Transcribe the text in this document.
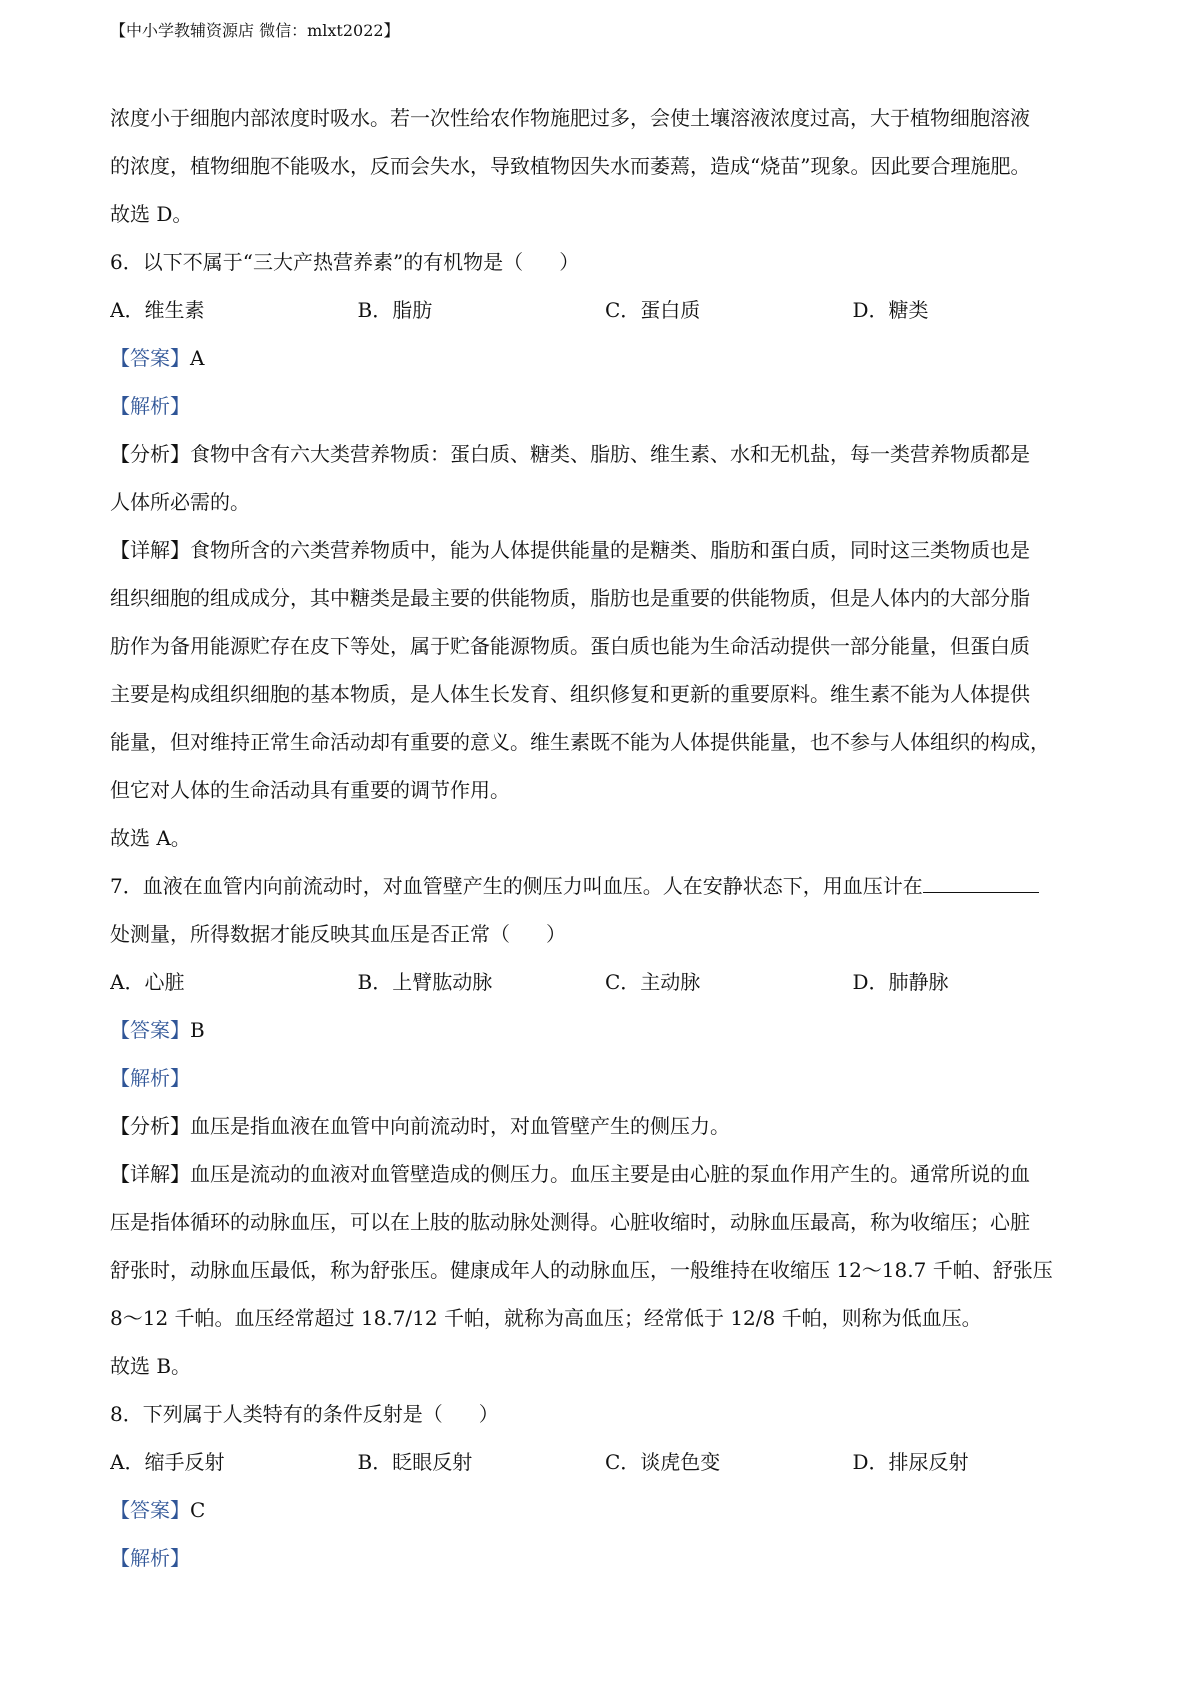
【中小学教辅资源店 微信：mlxt2022】
浓度小于细胞内部浓度时吸水。若一次性给农作物施肥过多，会使土壤溶液浓度过高，大于植物细胞溶液
的浓度，植物细胞不能吸水，反而会失水，导致植物因失水而萎蔫，造成“烧苗”现象。因此要合理施肥。
故选 D。
6．以下不属于“三大产热营养素”的有机物是（ ）
A．维生素	B．脂肪	C．蛋白质	D．糖类
【答案】A
【解析】
【分析】食物中含有六大类营养物质：蛋白质、糖类、脂肪、维生素、水和无机盐，每一类营养物质都是
人体所必需的。
【详解】食物所含的六类营养物质中，能为人体提供能量的是糖类、脂肪和蛋白质，同时这三类物质也是
组织细胞的组成成分，其中糖类是最主要的供能物质，脂肪也是重要的供能物质，但是人体内的大部分脂
肪作为备用能源贮存在皮下等处，属于贮备能源物质。蛋白质也能为生命活动提供一部分能量，但蛋白质
主要是构成组织细胞的基本物质，是人体生长发育、组织修复和更新的重要原料。维生素不能为人体提供
能量，但对维持正常生命活动却有重要的意义。维生素既不能为人体提供能量，也不参与人体组织的构成，
但它对人体的生命活动具有重要的调节作用。
故选 A。
7．血液在血管内向前流动时，对血管壁产生的侧压力叫血压。人在安静状态下，用血压计在
处测量，所得数据才能反映其血压是否正常（ ）
A．心脏	B．上臂肱动脉	C．主动脉	D．肺静脉
【答案】B
【解析】
【分析】血压是指血液在血管中向前流动时，对血管壁产生的侧压力。
【详解】血压是流动的血液对血管壁造成的侧压力。血压主要是由心脏的泵血作用产生的。通常所说的血
压是指体循环的动脉血压，可以在上肢的肱动脉处测得。心脏收缩时，动脉血压最高，称为收缩压；心脏
舒张时，动脉血压最低，称为舒张压。健康成年人的动脉血压，一般维持在收缩压 12～18.7 千帕、舒张压
8～12 千帕。血压经常超过 18.7/12 千帕，就称为高血压；经常低于 12/8 千帕，则称为低血压。
故选 B。
8．下列属于人类特有的条件反射是（ ）
A．缩手反射	B．眨眼反射	C．谈虎色变	D．排尿反射
【答案】C
【解析】
